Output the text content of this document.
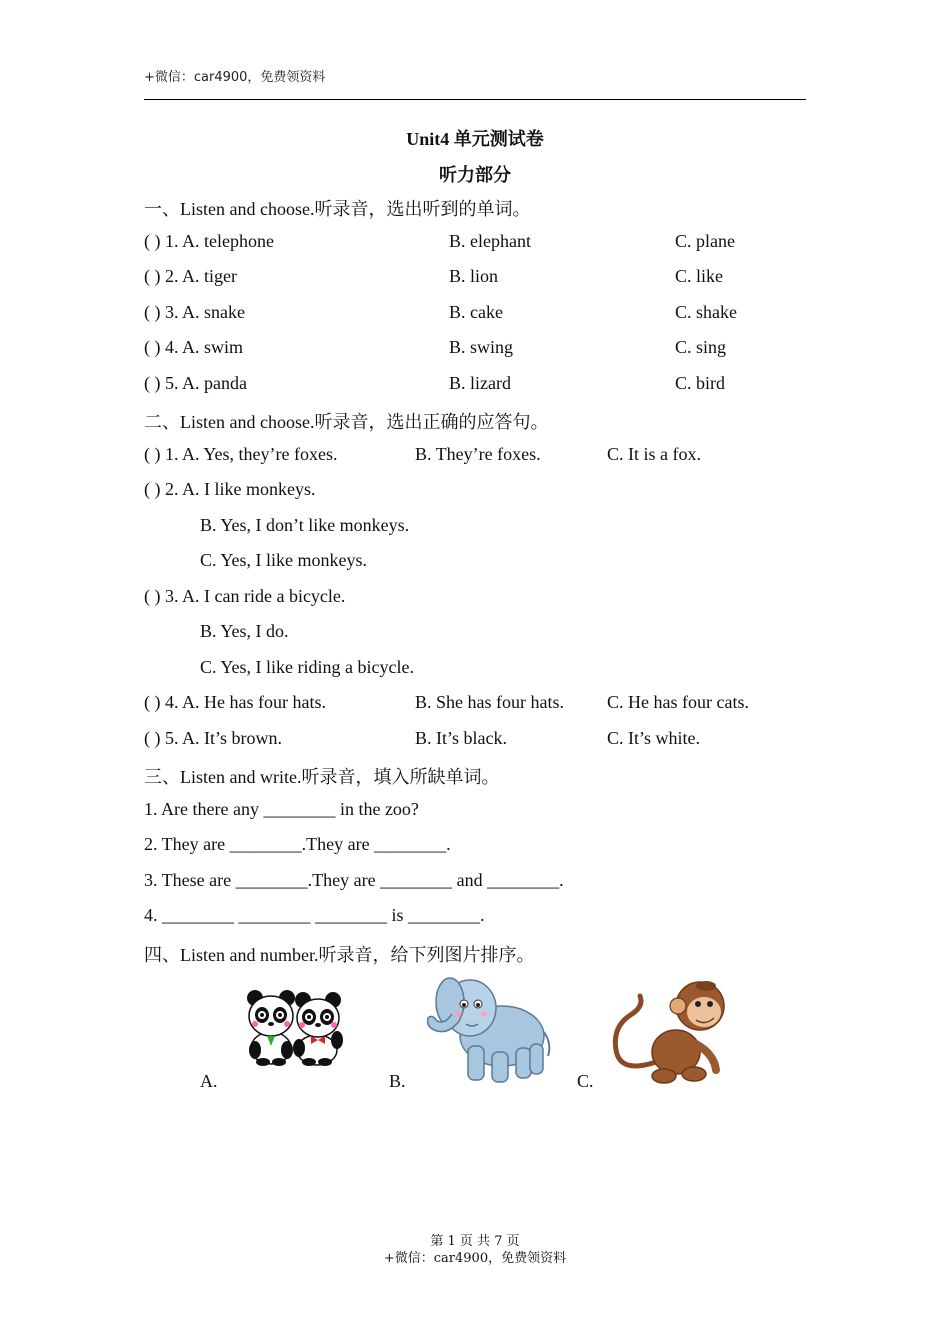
+微信：car4900，免费领资料
Unit4 单元测试卷
听力部分
一、Listen and choose.听录音，选出听到的单词。
( ) 1. A. telephone	B. elephant	C. plane
( ) 2. A. tiger	B. lion	C. like
( ) 3. A. snake	B. cake	C. shake
( ) 4. A. swim	B. swing	C. sing
( ) 5. A. panda	B. lizard	C. bird
二、Listen and choose.听录音，选出正确的应答句。
( ) 1. A. Yes, they’re foxes.	B. They’re foxes.	C. It is a fox.
( ) 2. A. I like monkeys.
B. Yes, I don’t like monkeys.
C. Yes, I like monkeys.
( ) 3. A. I can ride a bicycle.
B. Yes, I do.
C. Yes, I like riding a bicycle.
( ) 4. A. He has four hats.	B. She has four hats. C. He has four cats.
( ) 5. A. It’s brown.	B. It’s black.	C. It’s white.
三、Listen and write.听录音，填入所缺单词。
1. Are there any ________ in the zoo?
2. They are ________.They are ________.
3. These are ________.They are ________ and ________.
4. ________ ________ ________ is ________.
四、Listen and number.听录音，给下列图片排序。
A.	B.	C.
第 1 页 共 7 页
+微信：car4900，免费领资料
